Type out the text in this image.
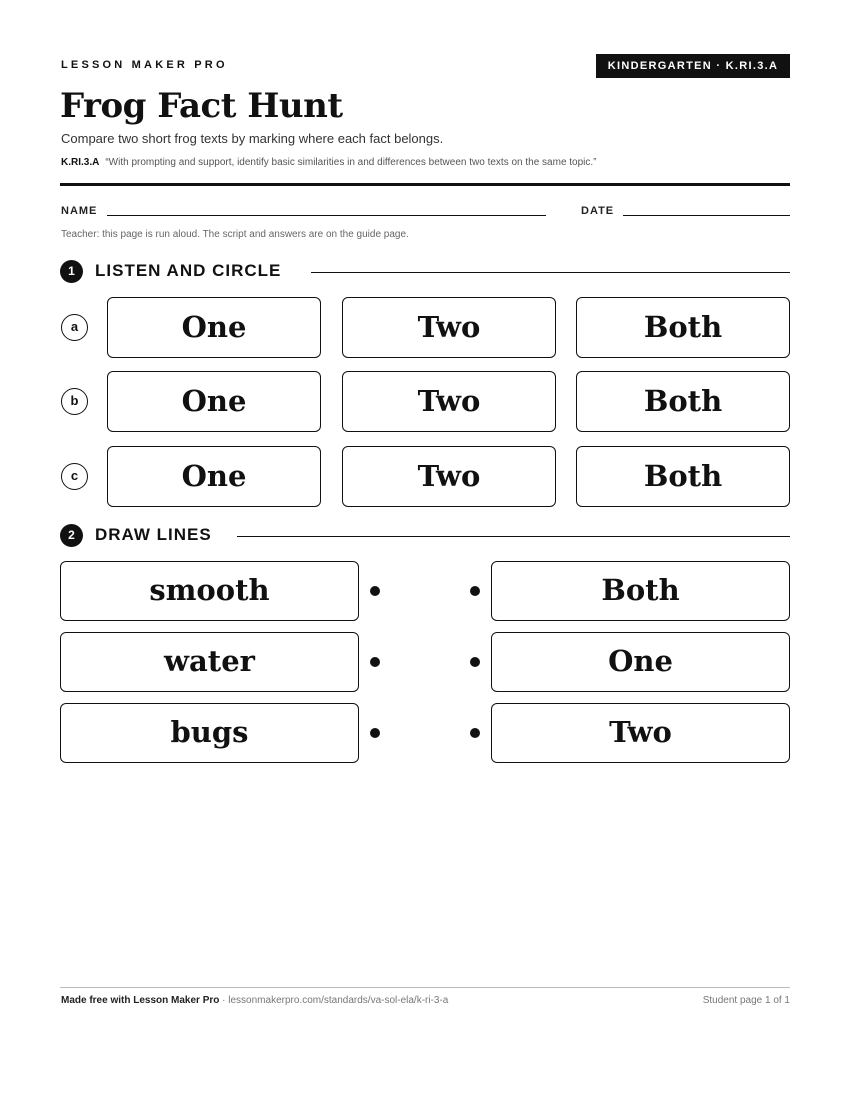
LESSON MAKER PRO	KINDERGARTEN · K.RI.3.A
Frog Fact Hunt
Compare two short frog texts by marking where each fact belongs.
K.RI.3.A “With prompting and support, identify basic similarities in and differences between two texts on the same topic.”
NAME	DATE
Teacher: this page is run aloud. The script and answers are on the guide page.
1	LISTEN AND CIRCLE
a	One	Two	Both
b	One	Two	Both
c	One	Two	Both
2	DRAW LINES
smooth	Both
water	One
bugs	Two
Made free with Lesson Maker Pro · lessonmakerpro.com/standards/va-sol-ela/k-ri-3-a	Student page 1 of 1
